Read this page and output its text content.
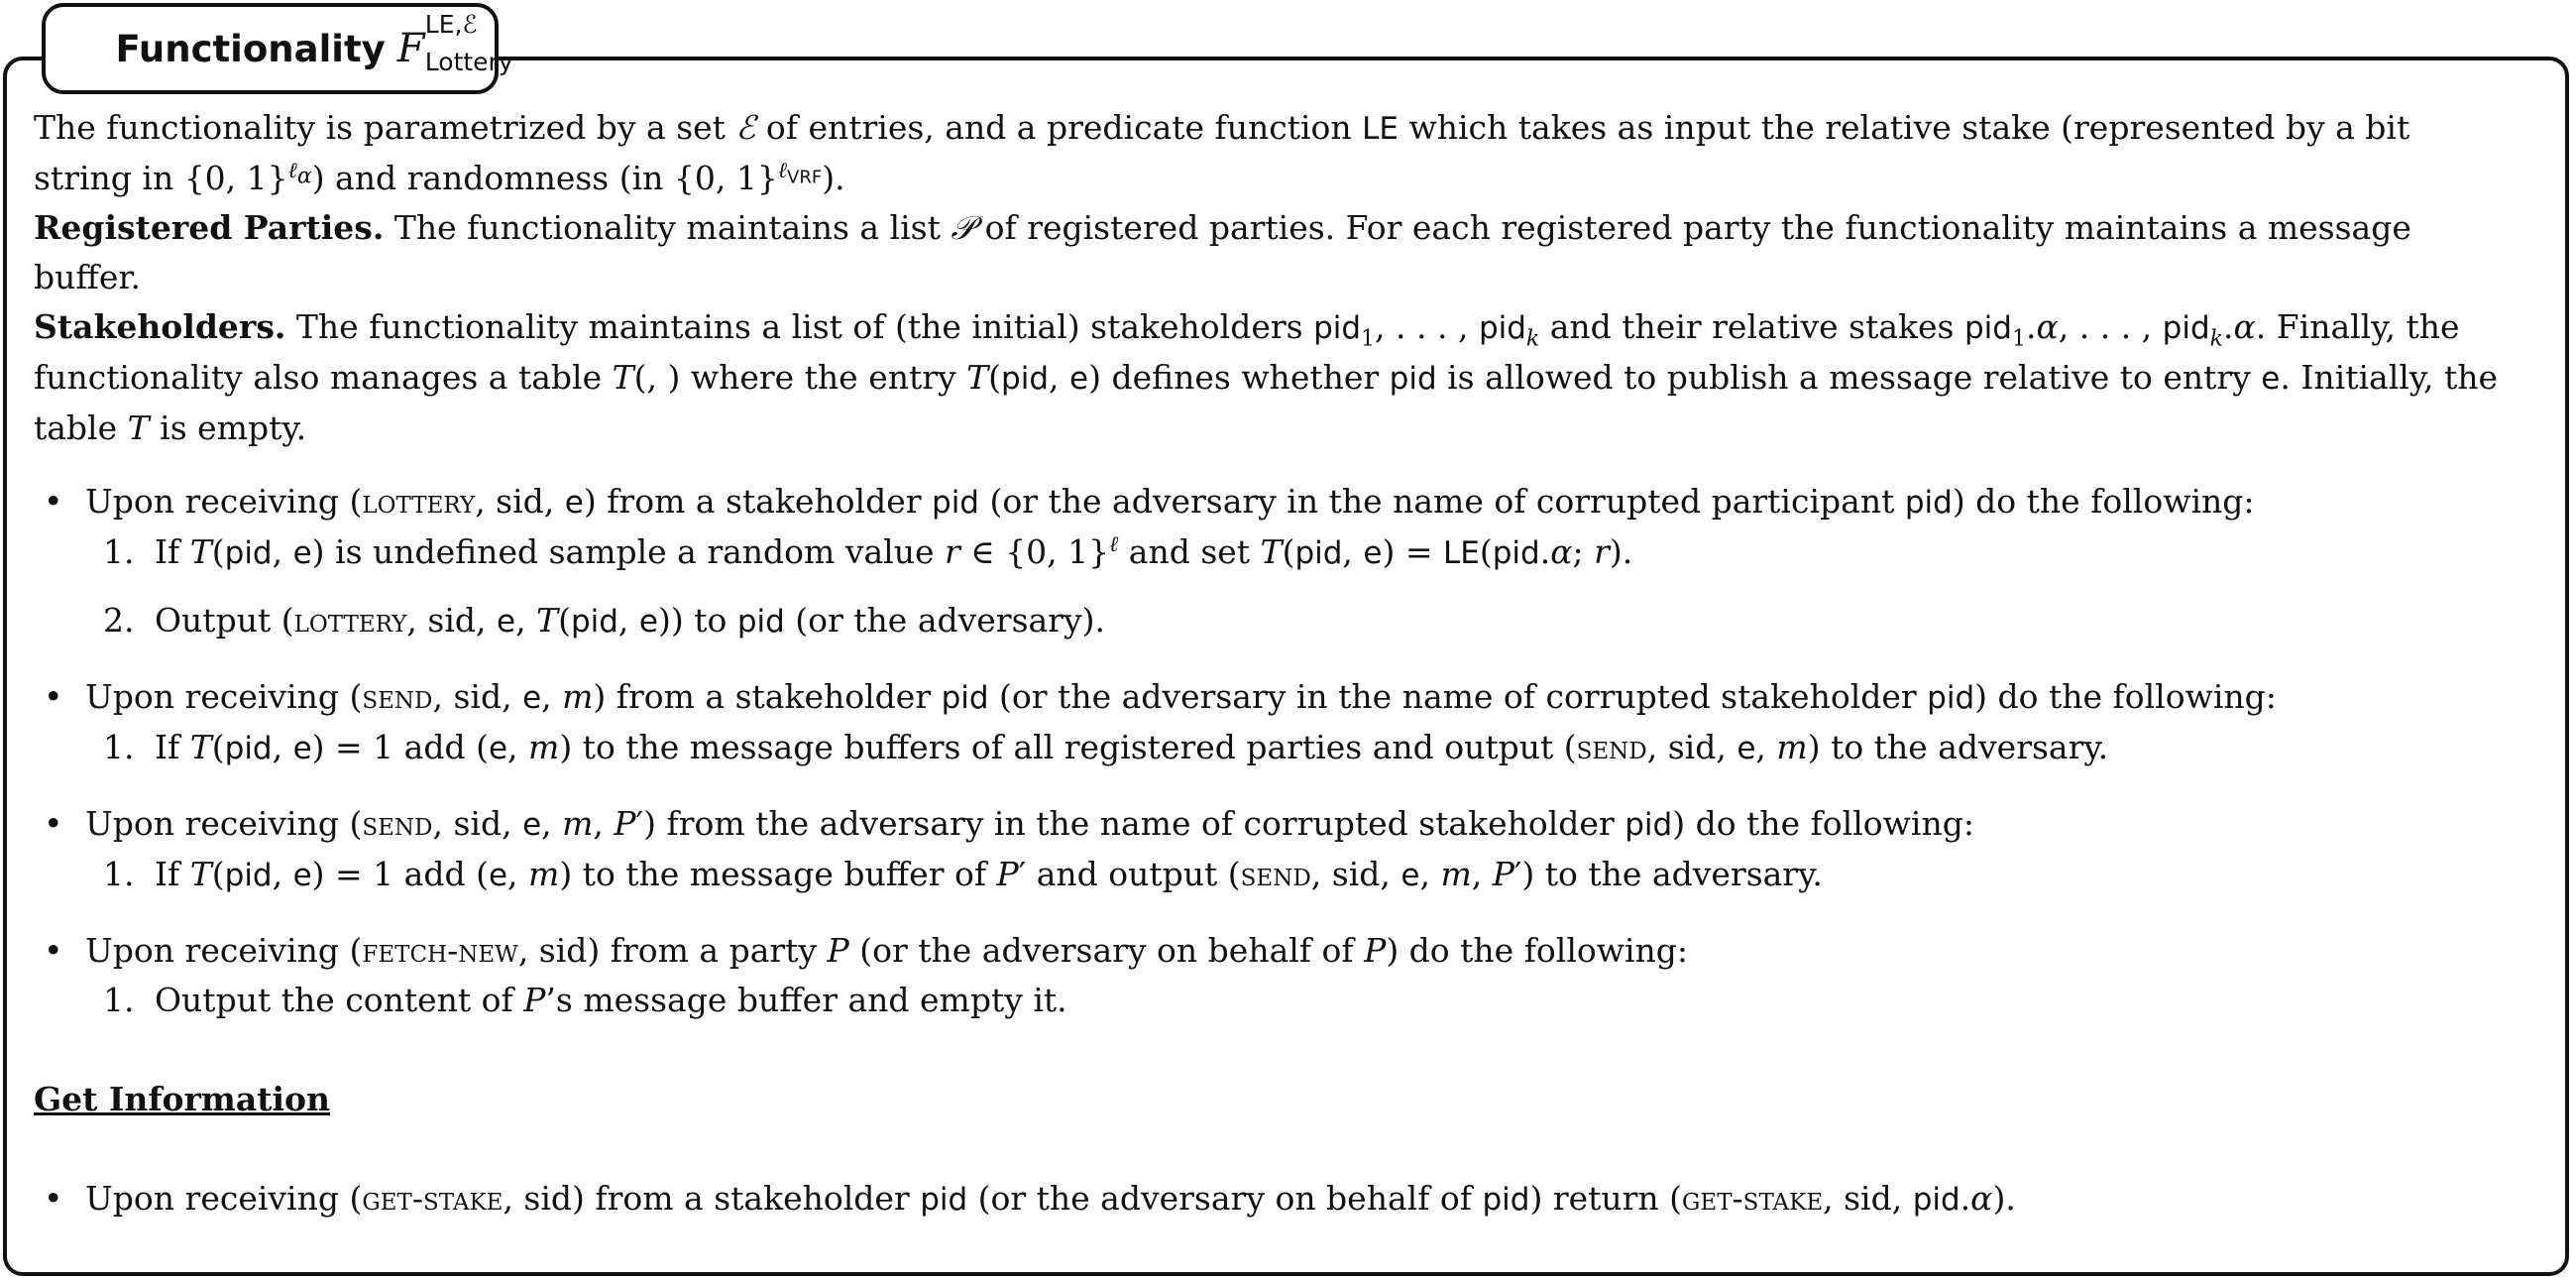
Functionality F
LE,ℰ
Lottery

The functionality is parametrized by a set ℰ of entries, and a predicate function LE which takes as input the relative stake (represented by a bit string in {0, 1}$^{\ell_\alpha}$) and randomness (in {0, 1}$^{\ell_{VRF}}$).

Registered Parties. The functionality maintains a list 𝒫 of registered parties. For each registered party the functionality maintains a message buffer.

Stakeholders. The functionality maintains a list of (the initial) stakeholders pid$_1$, . . . , pid$_k$ and their relative stakes pid$_1$.α, . . . , pid$_k$.α. Finally, the functionality also manages a table T(, ) where the entry T(pid, e) defines whether pid is allowed to publish a message relative to entry e. Initially, the table T is empty.

• Upon receiving (lottery, sid, e) from a stakeholder pid (or the adversary in the name of corrupted participant pid) do the following:
1. If T(pid, e) is undefined sample a random value r ∈ {0, 1}$^\ell$ and set T(pid, e) = LE(pid.α; r).
2. Output (lottery, sid, e, T(pid, e)) to pid (or the adversary).
• Upon receiving (send, sid, e, m) from a stakeholder pid (or the adversary in the name of corrupted stakeholder pid) do the following:
1. If T(pid, e) = 1 add (e, m) to the message buffers of all registered parties and output (send, sid, e, m) to the adversary.
• Upon receiving (send, sid, e, m, P′) from the adversary in the name of corrupted stakeholder pid) do the following:
1. If T(pid, e) = 1 add (e, m) to the message buffer of P′ and output (send, sid, e, m, P′) to the adversary.
• Upon receiving (fetch-new, sid) from a party P (or the adversary on behalf of P) do the following:
1. Output the content of P’s message buffer and empty it.

Get Information

• Upon receiving (get-stake, sid) from a stakeholder pid (or the adversary on behalf of pid) return (get-stake, sid, pid.α).
